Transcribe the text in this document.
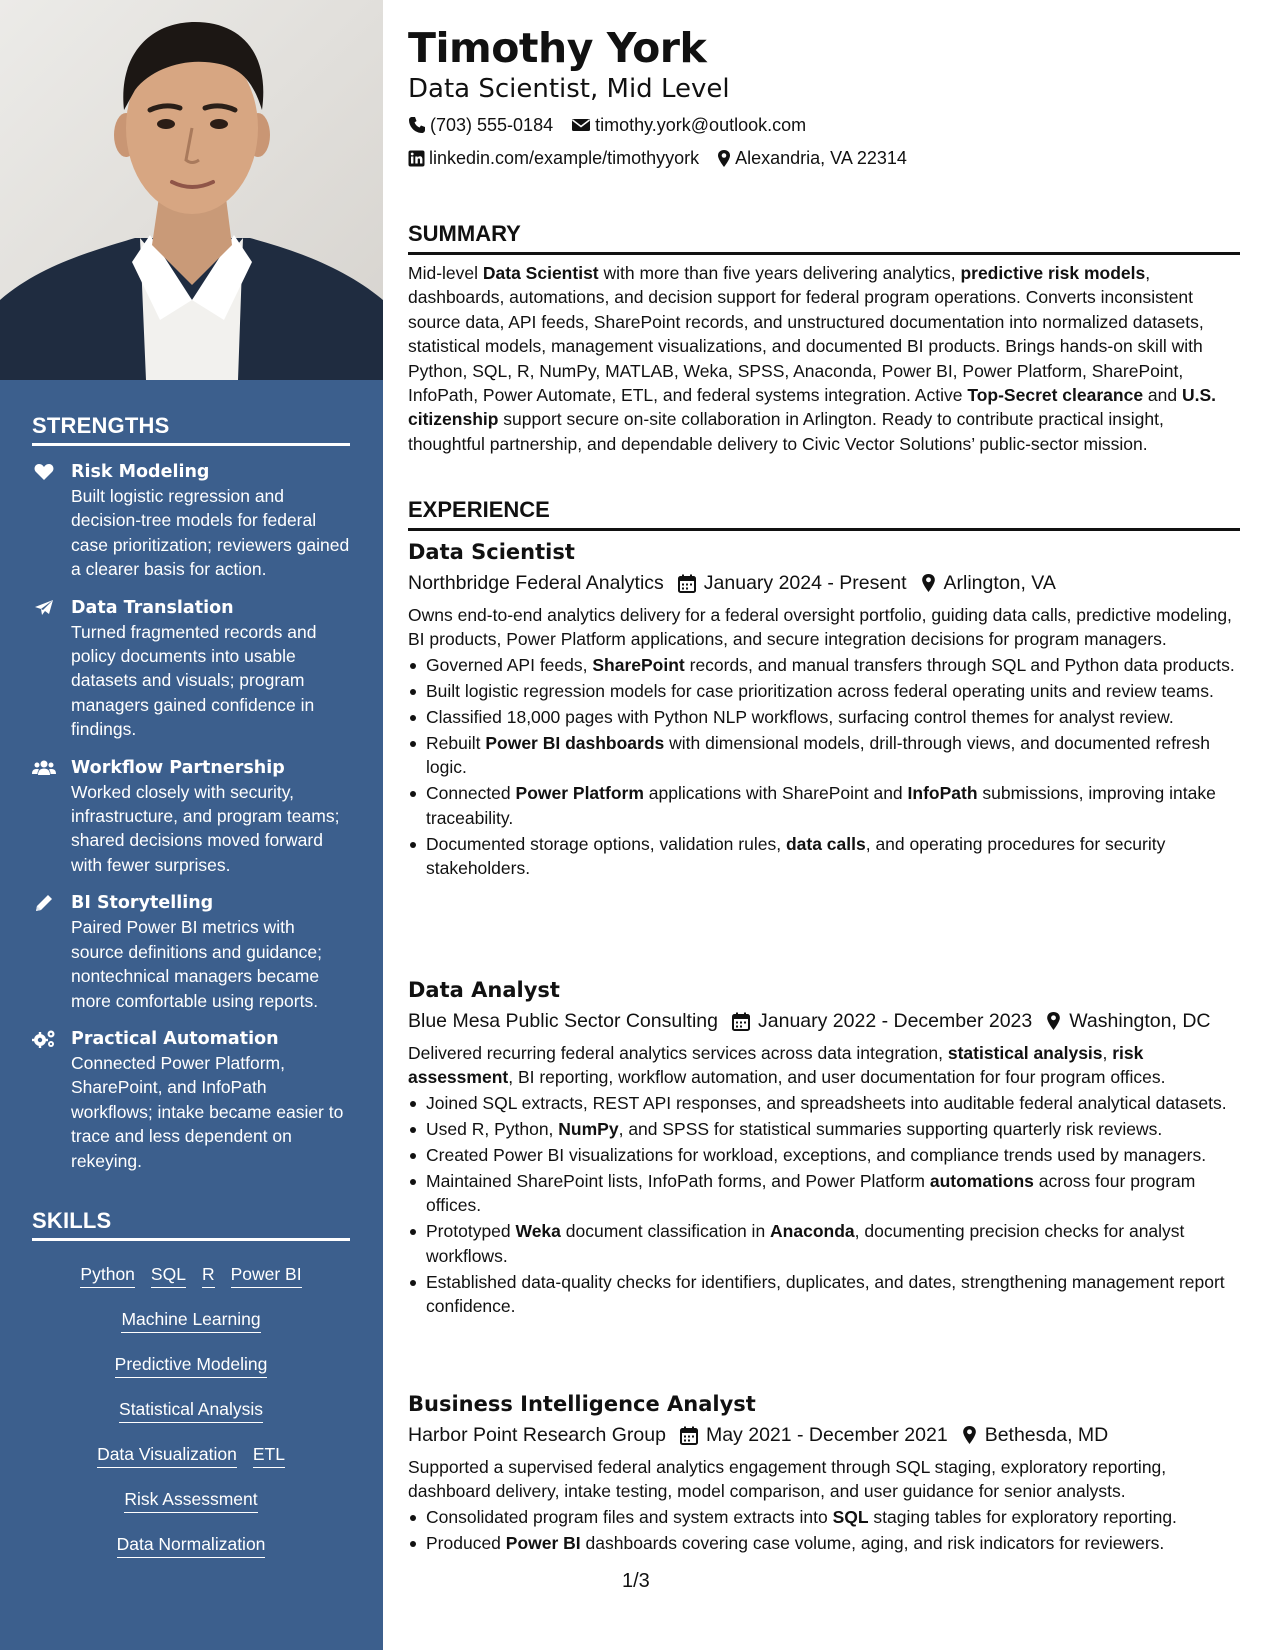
STRENGTHS
Risk Modeling
Built logistic regression and decision-tree models for federal case prioritization; reviewers gained a clearer basis for action.
Data Translation
Turned fragmented records and policy documents into usable datasets and visuals; program managers gained confidence in findings.
Workflow Partnership
Worked closely with security, infrastructure, and program teams; shared decisions moved forward with fewer surprises.
BI Storytelling
Paired Power BI metrics with source definitions and guidance; nontechnical managers became more comfortable using reports.
Practical Automation
Connected Power Platform, SharePoint, and InfoPath workflows; intake became easier to trace and less dependent on rekeying.
SKILLS
Python SQL R Power BI
Machine Learning
Predictive Modeling
Statistical Analysis
Data Visualization ETL
Risk Assessment
Data Normalization
Timothy York
Data Scientist, Mid Level
(703) 555-0184 timothy.york@outlook.com
linkedin.com/example/timothyyork Alexandria, VA 22314
SUMMARY

Mid-level Data Scientist with more than five years delivering analytics, predictive risk models, dashboards, automations, and decision support for federal program operations. Converts inconsistent source data, API feeds, SharePoint records, and unstructured documentation into normalized datasets, statistical models, management visualizations, and documented BI products. Brings hands-on skill with Python, SQL, R, NumPy, MATLAB, Weka, SPSS, Anaconda, Power BI, Power Platform, SharePoint, InfoPath, Power Automate, ETL, and federal systems integration. Active Top-Secret clearance and U.S. citizenship support secure on-site collaboration in Arlington. Ready to contribute practical insight, thoughtful partnership, and dependable delivery to Civic Vector Solutions’ public-sector mission.

EXPERIENCE
Data Scientist
Northbridge Federal Analytics January 2024 - Present Arlington, VA

Owns end-to-end analytics delivery for a federal oversight portfolio, guiding data calls, predictive modeling, BI products, Power Platform applications, and secure integration decisions for program managers.

Governed API feeds, SharePoint records, and manual transfers through SQL and Python data products.
Built logistic regression models for case prioritization across federal operating units and review teams.
Classified 18,000 pages with Python NLP workflows, surfacing control themes for analyst review.
Rebuilt Power BI dashboards with dimensional models, drill-through views, and documented refresh logic.
Connected Power Platform applications with SharePoint and InfoPath submissions, improving intake traceability.
Documented storage options, validation rules, data calls, and operating procedures for security stakeholders.
Data Analyst
Blue Mesa Public Sector Consulting January 2022 - December 2023 Washington, DC

Delivered recurring federal analytics services across data integration, statistical analysis, risk assessment, BI reporting, workflow automation, and user documentation for four program offices.

Joined SQL extracts, REST API responses, and spreadsheets into auditable federal analytical datasets.
Used R, Python, NumPy, and SPSS for statistical summaries supporting quarterly risk reviews.
Created Power BI visualizations for workload, exceptions, and compliance trends used by managers.
Maintained SharePoint lists, InfoPath forms, and Power Platform automations across four program offices.
Prototyped Weka document classification in Anaconda, documenting precision checks for analyst workflows.
Established data-quality checks for identifiers, duplicates, and dates, strengthening management report confidence.
Business Intelligence Analyst
Harbor Point Research Group May 2021 - December 2021 Bethesda, MD

Supported a supervised federal analytics engagement through SQL staging, exploratory reporting, dashboard delivery, intake testing, model comparison, and user guidance for senior analysts.

Consolidated program files and system extracts into SQL staging tables for exploratory reporting.
Produced Power BI dashboards covering case volume, aging, and risk indicators for reviewers.
1/3
